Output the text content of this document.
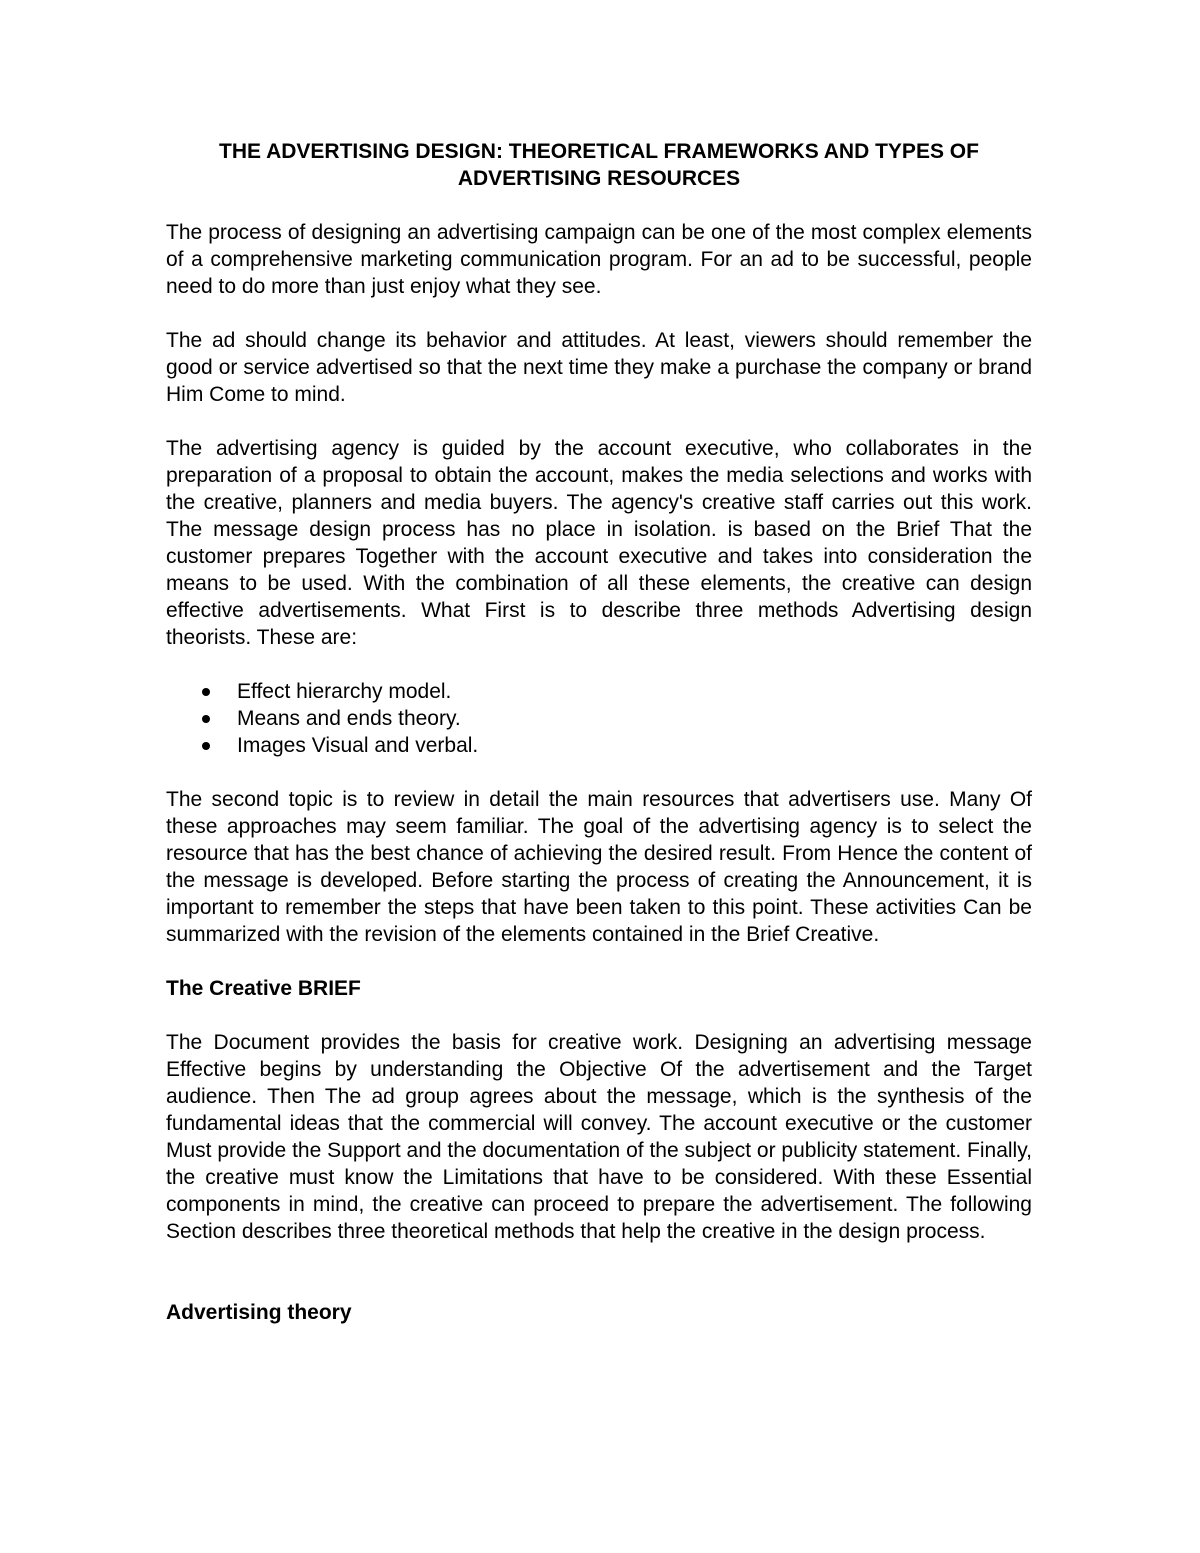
THE ADVERTISING DESIGN: THEORETICAL FRAMEWORKS AND TYPES OF
ADVERTISING RESOURCES

The process of designing an advertising campaign can be one of the most complex elements of a comprehensive marketing communication program. For an ad to be successful, people need to do more than just enjoy what they see.

The ad should change its behavior and attitudes. At least, viewers should remember the good or service advertised so that the next time they make a purchase the company or brand Him Come to mind.

The advertising agency is guided by the account executive, who collaborates in the preparation of a proposal to obtain the account, makes the media selections and works with the creative, planners and media buyers. The agency's creative staff carries out this work. The message design process has no place in isolation. is based on the Brief That the customer prepares Together with the account executive and takes into consideration the means to be used. With the combination of all these elements, the creative can design effective advertisements. What First is to describe three methods Advertising design theorists. These are:

Effect hierarchy model.
Means and ends theory.
Images Visual and verbal.

The second topic is to review in detail the main resources that advertisers use. Many Of these approaches may seem familiar. The goal of the advertising agency is to select the resource that has the best chance of achieving the desired result. From Hence the content of the message is developed. Before starting the process of creating the Announcement, it is important to remember the steps that have been taken to this point. These activities Can be summarized with the revision of the elements contained in the Brief Creative.

The Creative BRIEF

The Document provides the basis for creative work. Designing an advertising message Effective begins by understanding the Objective Of the advertisement and the Target audience. Then The ad group agrees about the message, which is the synthesis of the fundamental ideas that the commercial will convey. The account executive or the customer Must provide the Support and the documentation of the subject or publicity statement. Finally, the creative must know the Limitations that have to be considered. With these Essential components in mind, the creative can proceed to prepare the advertisement. The following Section describes three theoretical methods that help the creative in the design process.

Advertising theory
